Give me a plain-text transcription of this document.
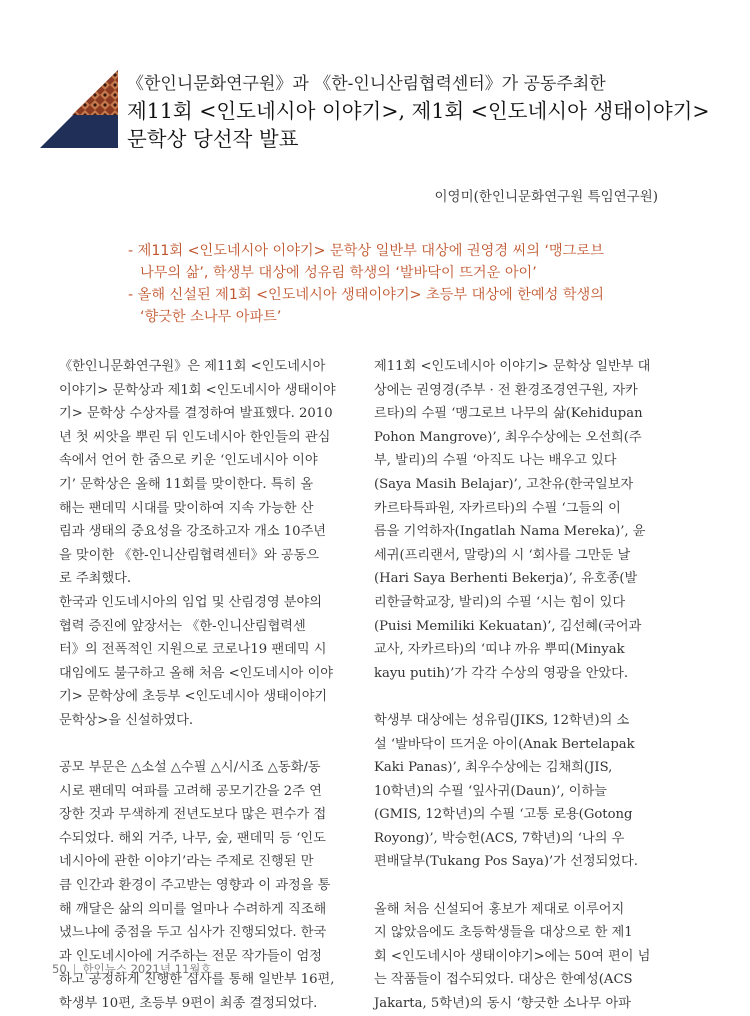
《한인니문화연구원》과 《한-인니산림협력센터》가 공동주최한
제11회 <인도네시아 이야기>, 제1회 <인도네시아 생태이야기>
문학상 당선작 발표
이영미(한인니문화연구원 특임연구원)

- 제11회 <인도네시아 이야기> 문학상 일반부 대상에 권영경 씨의 ‘맹그로브
나무의 삶’, 학생부 대상에 성유림 학생의 ‘발바닥이 뜨거운 아이’

- 올해 신설된 제1회 <인도네시아 생태이야기> 초등부 대상에 한예성 학생의
‘향긋한 소나무 아파트’

《한인니문화연구원》은 제11회 <인도네시아
이야기> 문학상과 제1회 <인도네시아 생태이야
기> 문학상 수상자를 결정하여 발표했다. 2010
년 첫 씨앗을 뿌린 뒤 인도네시아 한인들의 관심
속에서 언어 한 줌으로 키운 ‘인도네시아 이야
기’ 문학상은 올해 11회를 맞이한다. 특히 올
해는 팬데믹 시대를 맞이하여 지속 가능한 산
림과 생태의 중요성을 강조하고자 개소 10주년
을 맞이한 《한-인니산림협력센터》와 공동으
로 주최했다.

한국과 인도네시아의 임업 및 산림경영 분야의
협력 증진에 앞장서는 《한-인니산림협력센
터》의 전폭적인 지원으로 코로나19 팬데믹 시
대임에도 불구하고 올해 처음 <인도네시아 이야
기> 문학상에 초등부 <인도네시아 생태이야기
문학상>을 신설하였다.

공모 부문은 △소설 △수필 △시/시조 △동화/동
시로 팬데믹 여파를 고려해 공모기간을 2주 연
장한 것과 무색하게 전년도보다 많은 편수가 접
수되었다. 해외 거주, 나무, 숲, 팬데믹 등 ‘인도
네시아에 관한 이야기’라는 주제로 진행된 만
큼 인간과 환경이 주고받는 영향과 이 과정을 통
해 깨달은 삶의 의미를 얼마나 수려하게 직조해
냈느냐에 중점을 두고 심사가 진행되었다. 한국
과 인도네시아에 거주하는 전문 작가들이 엄정
하고 공정하게 진행한 심사를 통해 일반부 16편,
학생부 10편, 초등부 9편이 최종 결정되었다.

제11회 <인도네시아 이야기> 문학상 일반부 대
상에는 권영경(주부 · 전 환경조경연구원, 자카
르타)의 수필 ‘맹그로브 나무의 삶(Kehidupan
Pohon Mangrove)’, 최우수상에는 오선희(주
부, 발리)의 수필 ‘아직도 나는 배우고 있다
(Saya Masih Belajar)’, 고찬유(한국일보자
카르타특파원, 자카르타)의 수필 ‘그들의 이
름을 기억하자(Ingatlah Nama Mereka)’, 윤
세귀(프리랜서, 말랑)의 시 ‘회사를 그만둔 날
(Hari Saya Berhenti Bekerja)’, 유호종(발
리한글학교장, 발리)의 수필 ‘시는 힘이 있다
(Puisi Memiliki Kekuatan)’, 김선혜(국어과
교사, 자카르타)의 ‘띠냐 까유 뿌띠(Minyak
kayu putih)’가 각각 수상의 영광을 안았다.

학생부 대상에는 성유림(JIKS, 12학년)의 소
설 ‘발바닥이 뜨거운 아이(Anak Bertelapak
Kaki Panas)’, 최우수상에는 김채희(JIS,
10학년)의 수필 ‘잎사귀(Daun)’, 이하늘
(GMIS, 12학년)의 수필 ‘고통 로용(Gotong
Royong)’, 박승헌(ACS, 7학년)의 ‘나의 우
편배달부(Tukang Pos Saya)’가 선정되었다.

올해 처음 신설되어 홍보가 제대로 이루어지
지 않았음에도 초등학생들을 대상으로 한 제1
회 <인도네시아 생태이야기>에는 50여 편이 넘
는 작품들이 접수되었다. 대상은 한예성(ACS
Jakarta, 5학년)의 동시 ‘향긋한 소나무 아파

50 | 한인뉴스 2021년 11월호
